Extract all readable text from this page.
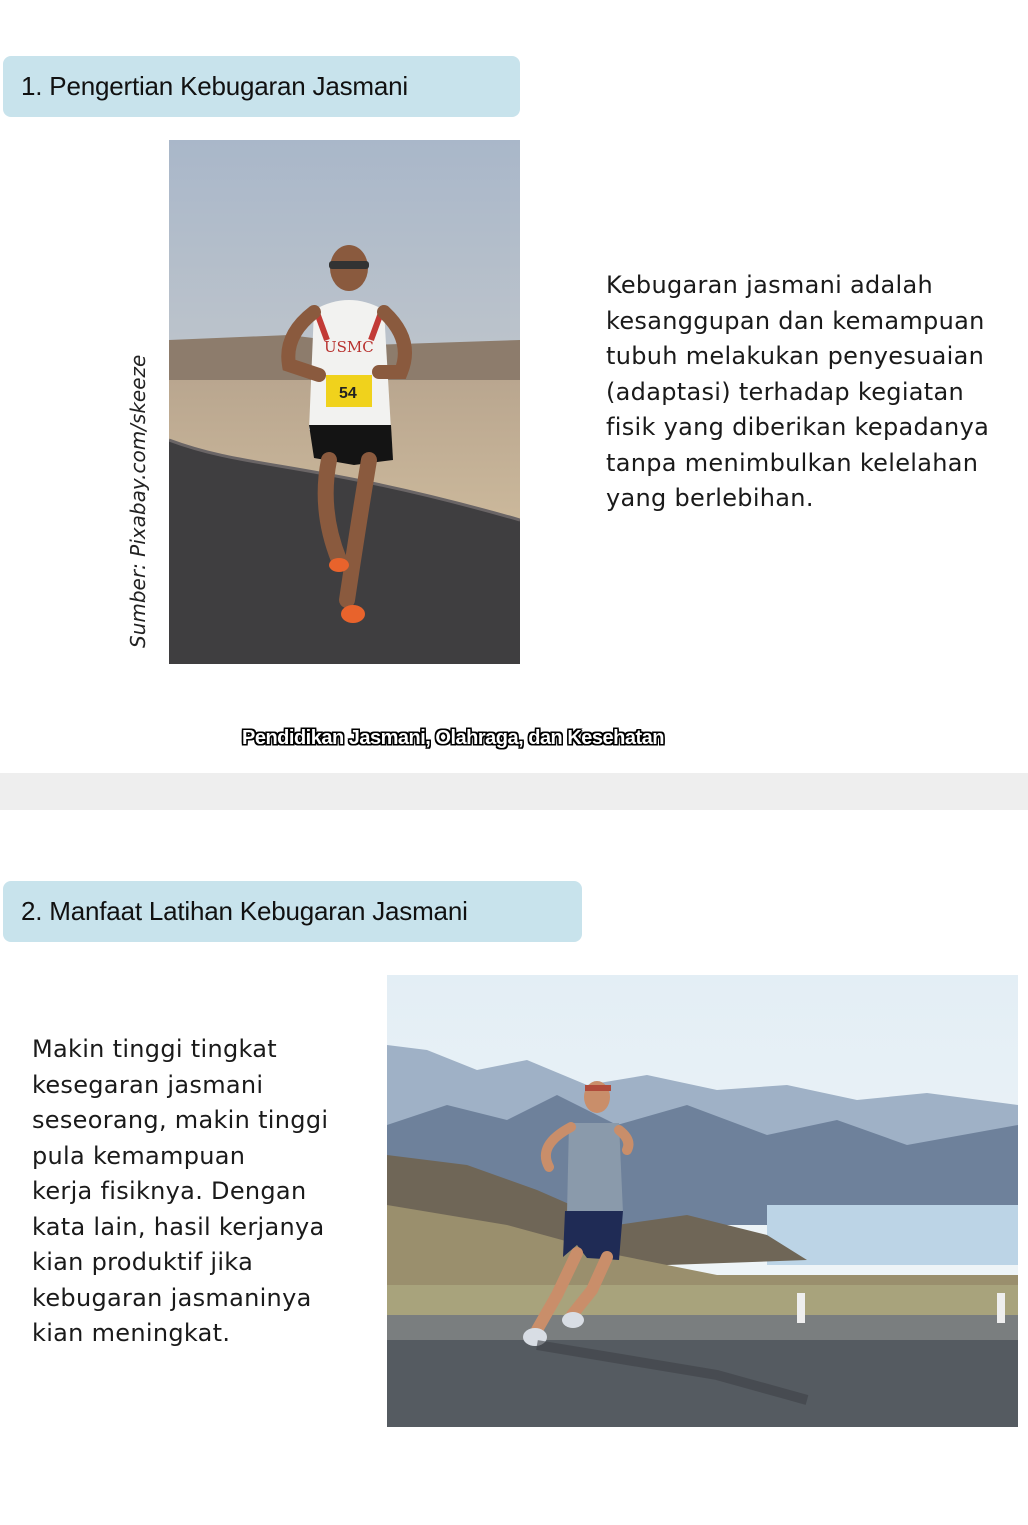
1. Pengertian Kebugaran Jasmani
Sumber: Pixabay.com/skeeze
USMC
54
Kebugaran jasmani adalah
kesanggupan dan kemampuan
tubuh melakukan penyesuaian
(adaptasi) terhadap kegiatan
fisik yang diberikan kepadanya
tanpa menimbulkan kelelahan
yang berlebihan.
Pendidikan Jasmani, Olahraga, dan Kesehatan
2. Manfaat Latihan Kebugaran Jasmani
Makin tinggi tingkat
kesegaran jasmani
seseorang, makin tinggi
pula kemampuan
kerja fisiknya. Dengan
kata lain, hasil kerjanya
kian produktif jika
kebugaran jasmaninya
kian meningkat.
